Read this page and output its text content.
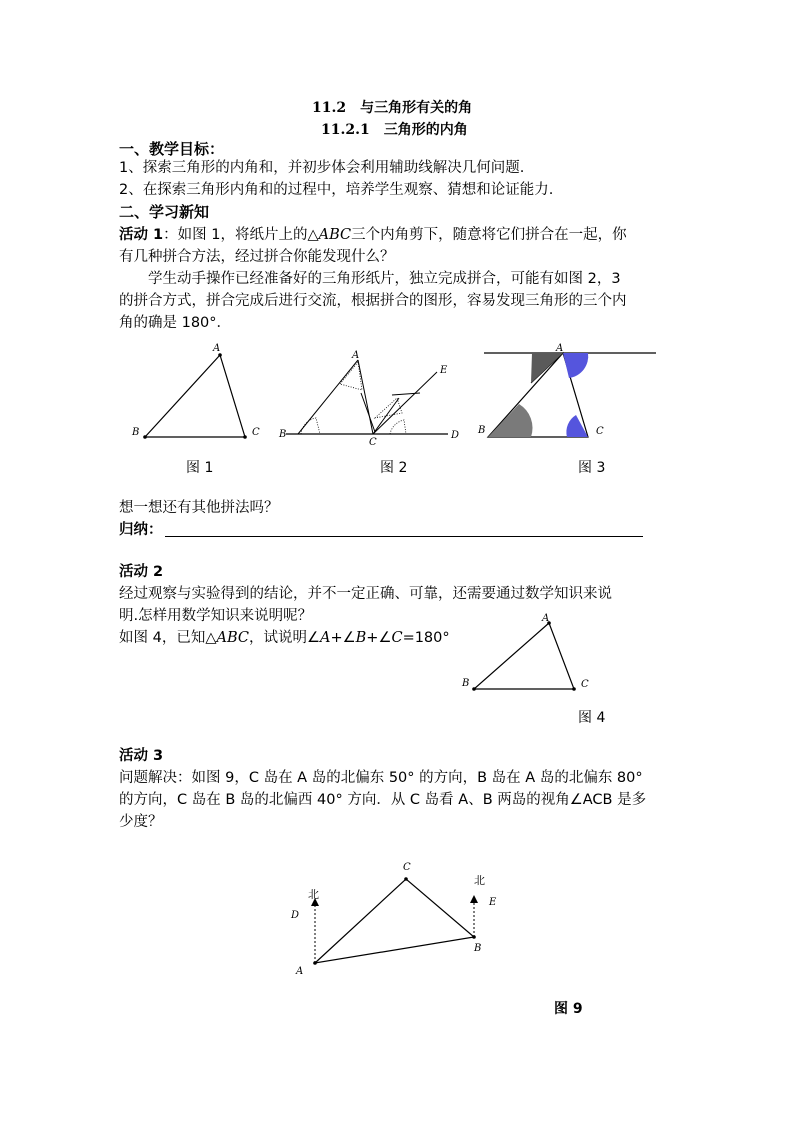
11.2　与三角形有关的角
11.2.1　三角形的内角
一、教学目标：
1、探索三角形的内角和，并初步体会利用辅助线解决几何问题.
2、在探索三角形内角和的过程中，培养学生观察、猜想和论证能力.
二、学习新知
活动 1：如图 1，将纸片上的△ABC三个内角剪下，随意将它们拼合在一起，你
有几种拼合方法，经过拼合你能发现什么？
学生动手操作已经准备好的三角形纸片，独立完成拼合，可能有如图 2，3
的拼合方式，拼合完成后进行交流，根据拼合的图形，容易发现三角形的三个内
角的确是 180°．
A
B	C
A
B
C
D
E
A
B	C
图 1	图 2	图 3
想一想还有其他拼法吗？
归纳：
活动 2
经过观察与实验得到的结论，并不一定正确、可靠，还需要通过数学知识来说
明.怎样用数学知识来说明呢？
如图 4，已知△ABC，试说明∠A+∠B+∠C=180°
A
B	C
图 4
活动 3
问题解决：如图 9，C 岛在 A 岛的北偏东 50° 的方向，B 岛在 A 岛的北偏东 80°
的方向，C 岛在 B 岛的北偏西 40° 方向．从 C 岛看 A、B 两岛的视角∠ACB 是多
少度？
A
B
C
D
E
北
北
图 9
